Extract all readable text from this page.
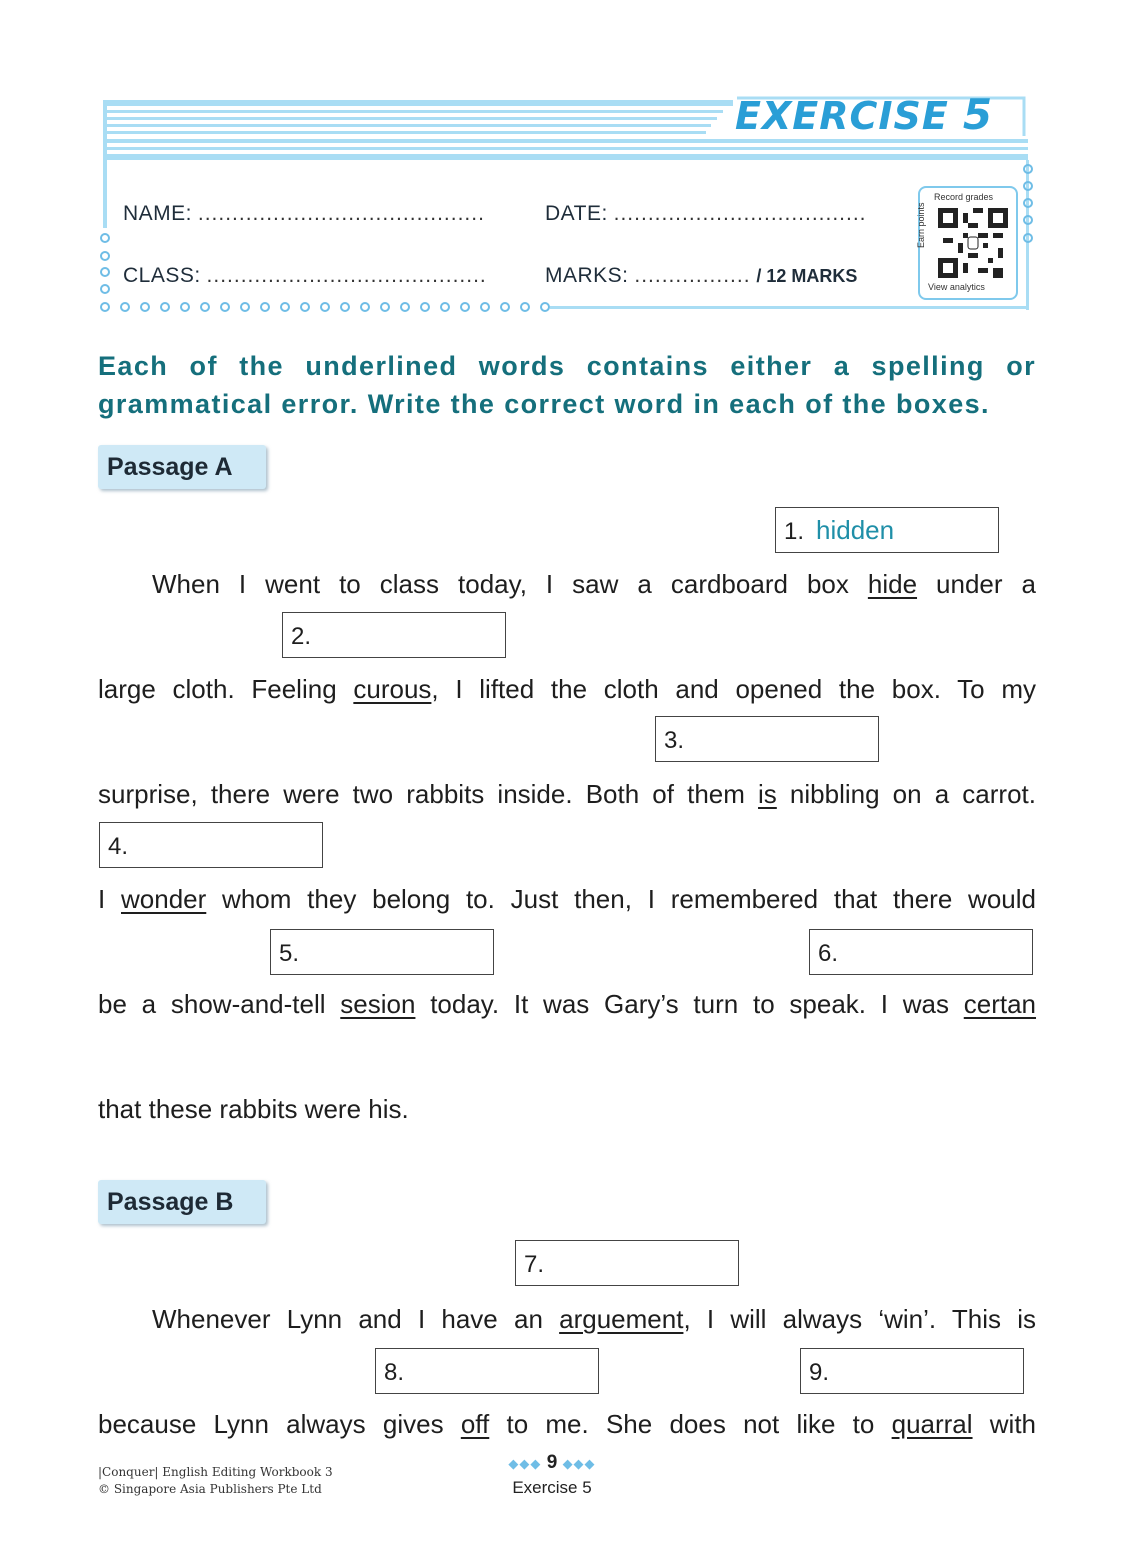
EXERCISE 5
NAME: ..........................................	DATE: .....................................
CLASS: .........................................	MARKS: ................. / 12 MARKS
Record grades
Earn points
View analytics
Each of the underlined words contains either a spelling or grammatical error. Write the correct word in each of the boxes.
Passage A
1. hidden
When I went to class today, I saw a cardboard box hide under a
2.
large cloth. Feeling curous, I lifted the cloth and opened the box. To my
3.
surprise, there were two rabbits inside. Both of them is nibbling on a carrot.
4.
I wonder whom they belong to. Just then, I remembered that there would
5.	6.
be a show-and-tell sesion today. It was Gary’s turn to speak. I was certan
that these rabbits were his.
Passage B
7.
Whenever Lynn and I have an arguement, I will always ‘win’. This is
8.	9.
because Lynn always gives off to me. She does not like to quarral with
|Conquer| English Editing Workbook 3
© Singapore Asia Publishers Pte Ltd
◆◆◆ 9 ◆◆◆
Exercise 5
